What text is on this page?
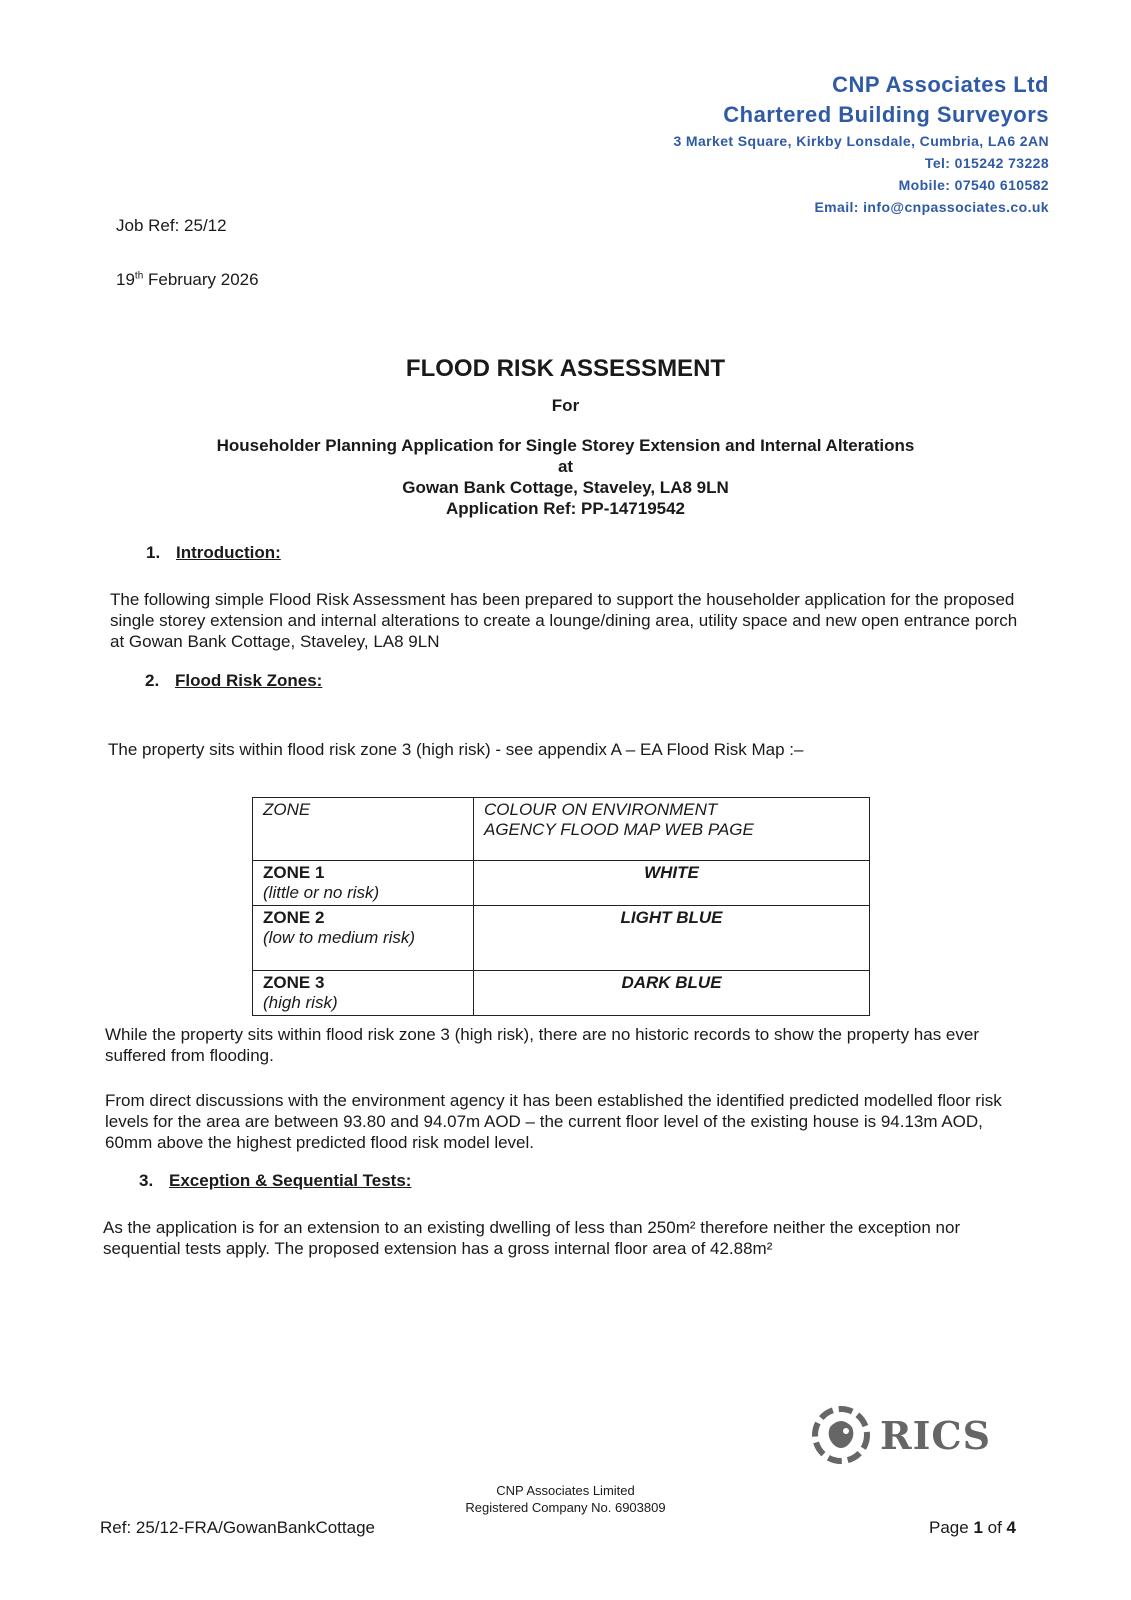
CNP Associates Ltd
Chartered Building Surveyors
3 Market Square, Kirkby Lonsdale, Cumbria, LA6 2AN
Tel: 015242 73228
Mobile: 07540 610582
Email: info@cnpassociates.co.uk
Job Ref: 25/12
19th February 2026
FLOOD RISK ASSESSMENT
For
Householder Planning Application for Single Storey Extension and Internal Alterations
at
Gowan Bank Cottage, Staveley, LA8 9LN
Application Ref: PP-14719542
1. Introduction:
The following simple Flood Risk Assessment has been prepared to support the householder application for the proposed single storey extension and internal alterations to create a lounge/dining area, utility space and new open entrance porch at Gowan Bank Cottage, Staveley, LA8 9LN
2. Flood Risk Zones:
The property sits within flood risk zone 3 (high risk) - see appendix A – EA Flood Risk Map :–
ZONE	COLOUR ON ENVIRONMENT
AGENCY FLOOD MAP WEB PAGE

ZONE 1
(little or no risk)	WHITE

ZONE 2
(low to medium risk)	LIGHT BLUE

ZONE 3
(high risk)	DARK BLUE
While the property sits within flood risk zone 3 (high risk), there are no historic records to show the property has ever suffered from flooding.
From direct discussions with the environment agency it has been established the identified predicted modelled floor risk levels for the area are between 93.80 and 94.07m AOD – the current floor level of the existing house is 94.13m AOD, 60mm above the highest predicted flood risk model level.
3. Exception & Sequential Tests:
As the application is for an extension to an existing dwelling of less than 250m² therefore neither the exception nor sequential tests apply. The proposed extension has a gross internal floor area of 42.88m²
RICS
CNP Associates Limited
Registered Company No. 6903809
Ref: 25/12-FRA/GowanBankCottage	Page 1 of 4
